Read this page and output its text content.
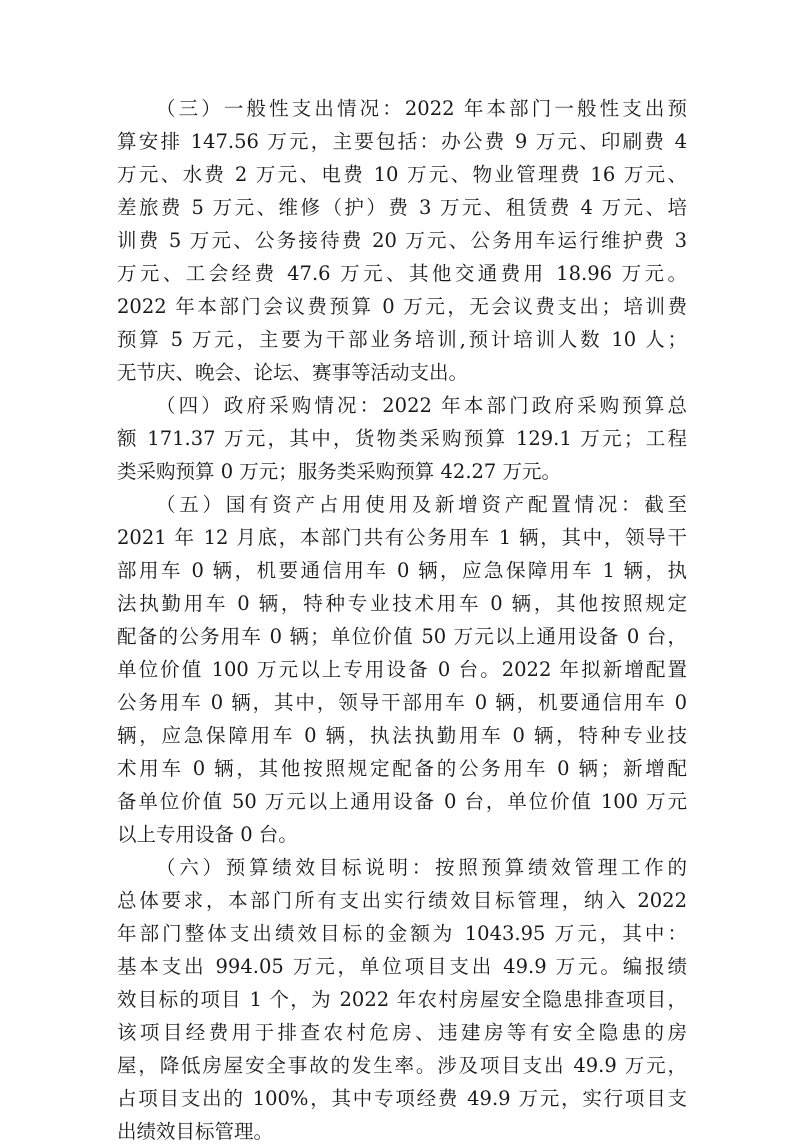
（三）一般性支出情况：2022 年本部门一般性支出预
算安排 147.56 万元，主要包括：办公费 9 万元、印刷费 4
万元、水费 2 万元、电费 10 万元、物业管理费 16 万元、
差旅费 5 万元、维修（护）费 3 万元、租赁费 4 万元、培
训费 5 万元、公务接待费 20 万元、公务用车运行维护费 3
万元、工会经费 47.6 万元、其他交通费用 18.96 万元。
2022 年本部门会议费预算 0 万元，无会议费支出；培训费
预算 5 万元，主要为干部业务培训,预计培训人数 10 人；
无节庆、晚会、论坛、赛事等活动支出。
（四）政府采购情况：2022 年本部门政府采购预算总
额 171.37 万元，其中，货物类采购预算 129.1 万元；工程
类采购预算 0 万元；服务类采购预算 42.27 万元。
（五）国有资产占用使用及新增资产配置情况：截至
2021 年 12 月底，本部门共有公务用车 1 辆，其中，领导干
部用车 0 辆，机要通信用车 0 辆，应急保障用车 1 辆，执
法执勤用车 0 辆，特种专业技术用车 0 辆，其他按照规定
配备的公务用车 0 辆；单位价值 50 万元以上通用设备 0 台，
单位价值 100 万元以上专用设备 0 台。2022 年拟新增配置
公务用车 0 辆，其中，领导干部用车 0 辆，机要通信用车 0
辆，应急保障用车 0 辆，执法执勤用车 0 辆，特种专业技
术用车 0 辆，其他按照规定配备的公务用车 0 辆；新增配
备单位价值 50 万元以上通用设备 0 台，单位价值 100 万元
以上专用设备 0 台。
（六）预算绩效目标说明：按照预算绩效管理工作的
总体要求，本部门所有支出实行绩效目标管理，纳入 2022
年部门整体支出绩效目标的金额为 1043.95 万元，其中：
基本支出 994.05 万元，单位项目支出 49.9 万元。编报绩
效目标的项目 1 个，为 2022 年农村房屋安全隐患排查项目，
该项目经费用于排查农村危房、违建房等有安全隐患的房
屋，降低房屋安全事故的发生率。涉及项目支出 49.9 万元，
占项目支出的 100%，其中专项经费 49.9 万元，实行项目支
出绩效目标管理。
